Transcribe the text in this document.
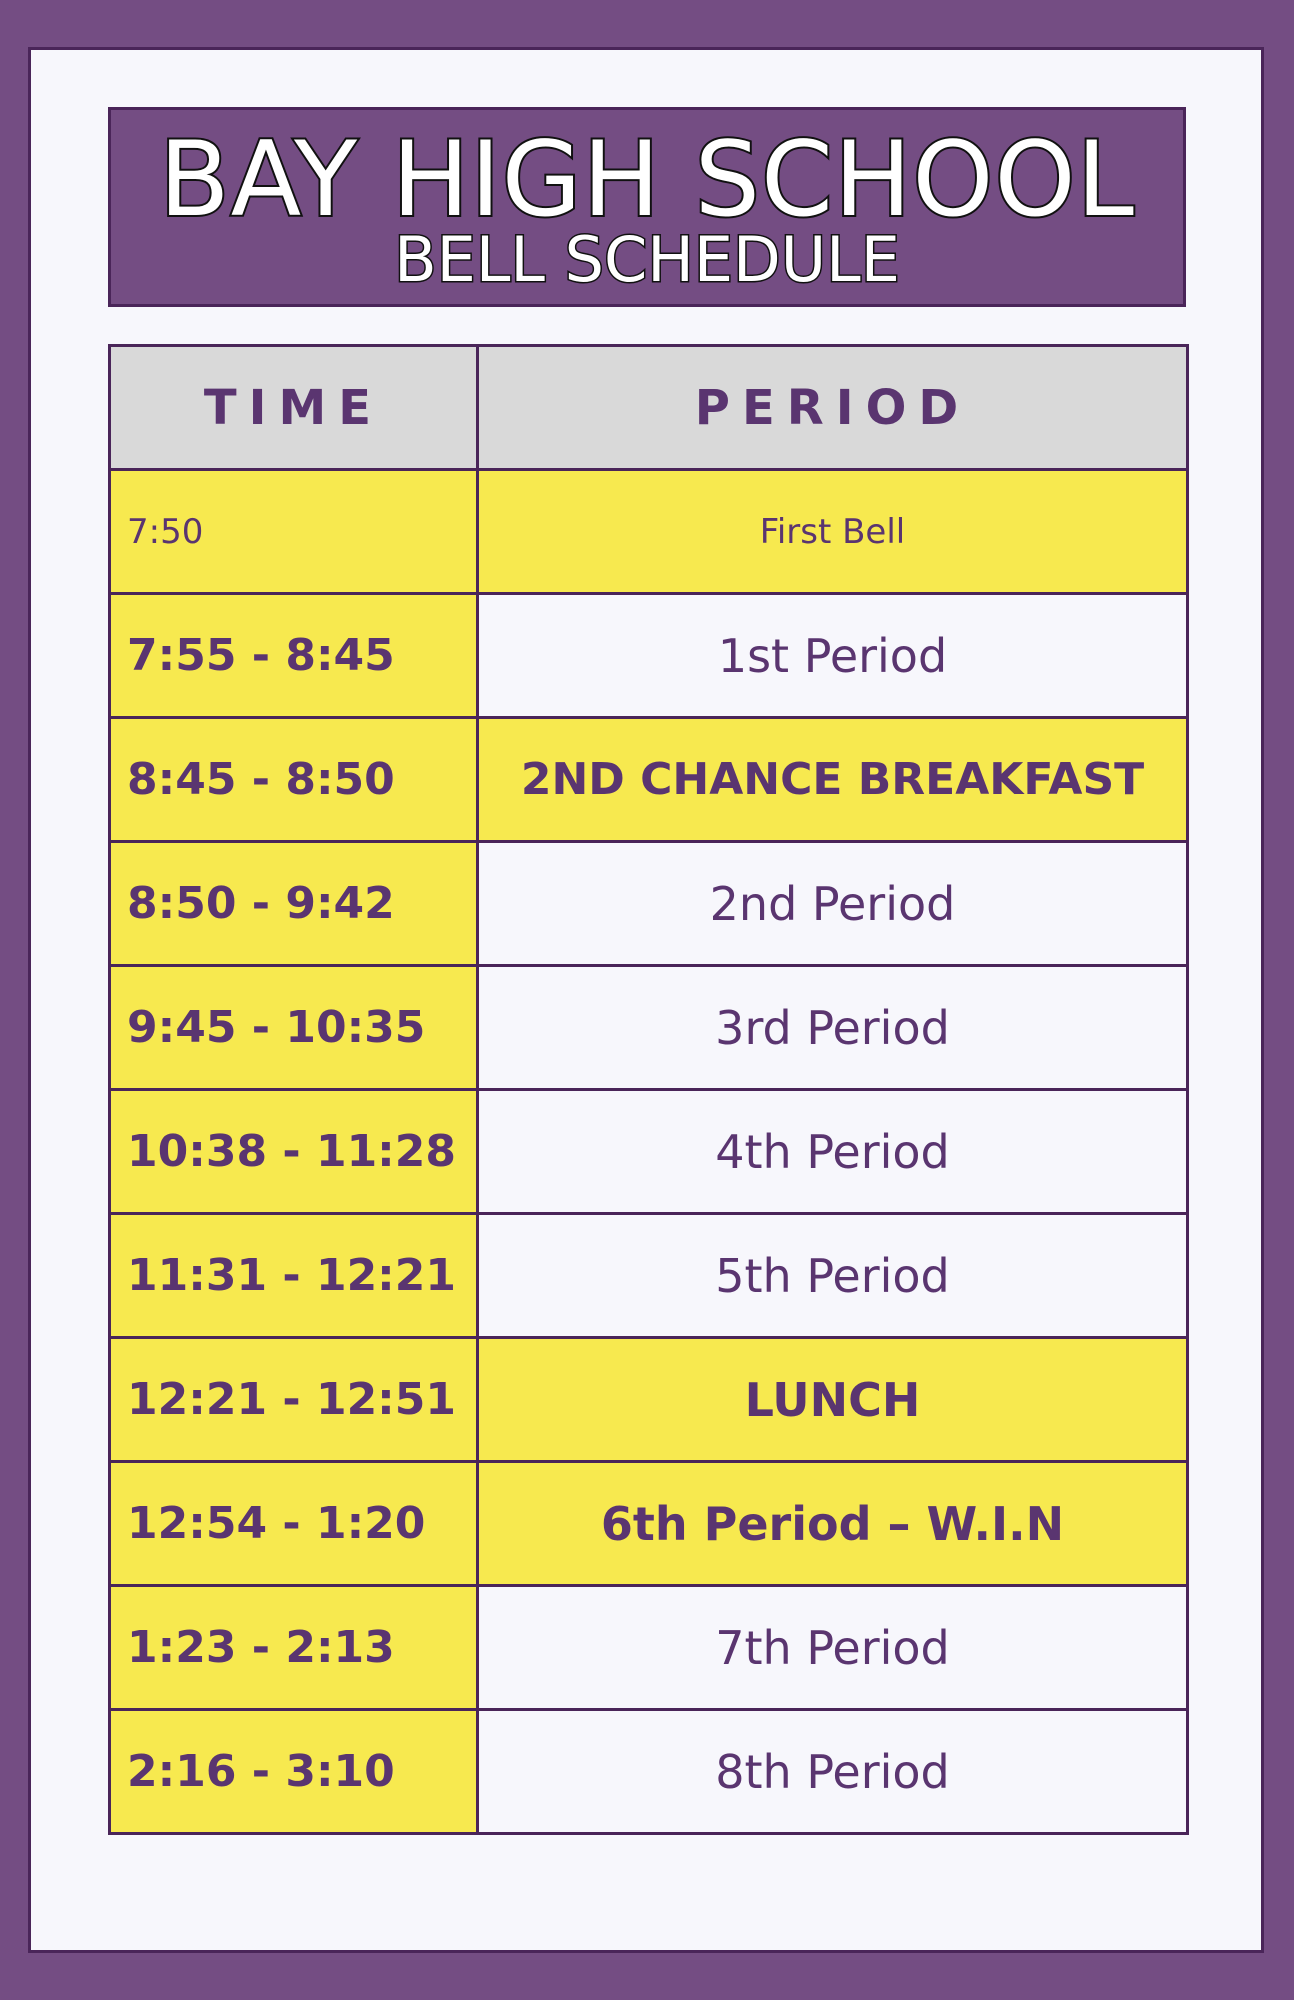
BAY HIGH SCHOOL
BELL SCHEDULE
TIME	PERIOD
7:50	First Bell
7:55 - 8:45	1st Period
8:45 - 8:50	2ND CHANCE BREAKFAST
8:50 - 9:42	2nd Period
9:45 - 10:35	3rd Period
10:38 - 11:28	4th Period
11:31 - 12:21	5th Period
12:21 - 12:51	LUNCH
12:54 - 1:20	6th Period – W.I.N
1:23 - 2:13	7th Period
2:16 - 3:10	8th Period
